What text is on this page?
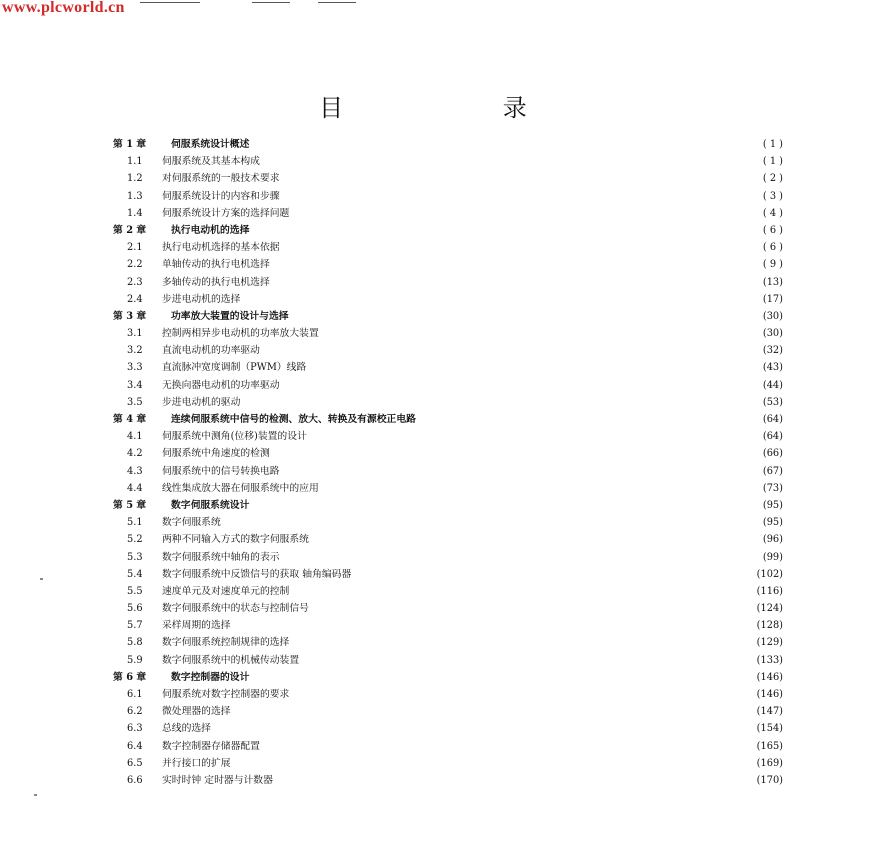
www.plcworld.cn
目 录
第 1 章	伺服系统设计概述	( 1 )
1.1	伺服系统及其基本构成	( 1 )
1.2	对伺服系统的一般技术要求	( 2 )
1.3	伺服系统设计的内容和步骤	( 3 )
1.4	伺服系统设计方案的选择问题	( 4 )
第 2 章	执行电动机的选择	( 6 )
2.1	执行电动机选择的基本依据	( 6 )
2.2	单轴传动的执行电机选择	( 9 )
2.3	多轴传动的执行电机选择	(13)
2.4	步进电动机的选择	(17)
第 3 章	功率放大装置的设计与选择	(30)
3.1	控制两相异步电动机的功率放大装置	(30)
3.2	直流电动机的功率驱动	(32)
3.3	直流脉冲宽度调制（PWM）线路	(43)
3.4	无换向器电动机的功率驱动	(44)
3.5	步进电动机的驱动	(53)
第 4 章	连续伺服系统中信号的检测、放大、转换及有源校正电路	(64)
4.1	伺服系统中测角(位移)装置的设计	(64)
4.2	伺服系统中角速度的检测	(66)
4.3	伺服系统中的信号转换电路	(67)
4.4	线性集成放大器在伺服系统中的应用	(73)
第 5 章	数字伺服系统设计	(95)
5.1	数字伺服系统	(95)
5.2	两种不同输入方式的数字伺服系统	(96)
5.3	数字伺服系统中轴角的表示	(99)
5.4	数字伺服系统中反馈信号的获取 轴角编码器	(102)
5.5	速度单元及对速度单元的控制	(116)
5.6	数字伺服系统中的状态与控制信号	(124)
5.7	采样周期的选择	(128)
5.8	数字伺服系统控制规律的选择	(129)
5.9	数字伺服系统中的机械传动装置	(133)
第 6 章	数字控制器的设计	(146)
6.1	伺服系统对数字控制器的要求	(146)
6.2	微处理器的选择	(147)
6.3	总线的选择	(154)
6.4	数字控制器存储器配置	(165)
6.5	并行接口的扩展	(169)
6.6	实时时钟 定时器与计数器	(170)
